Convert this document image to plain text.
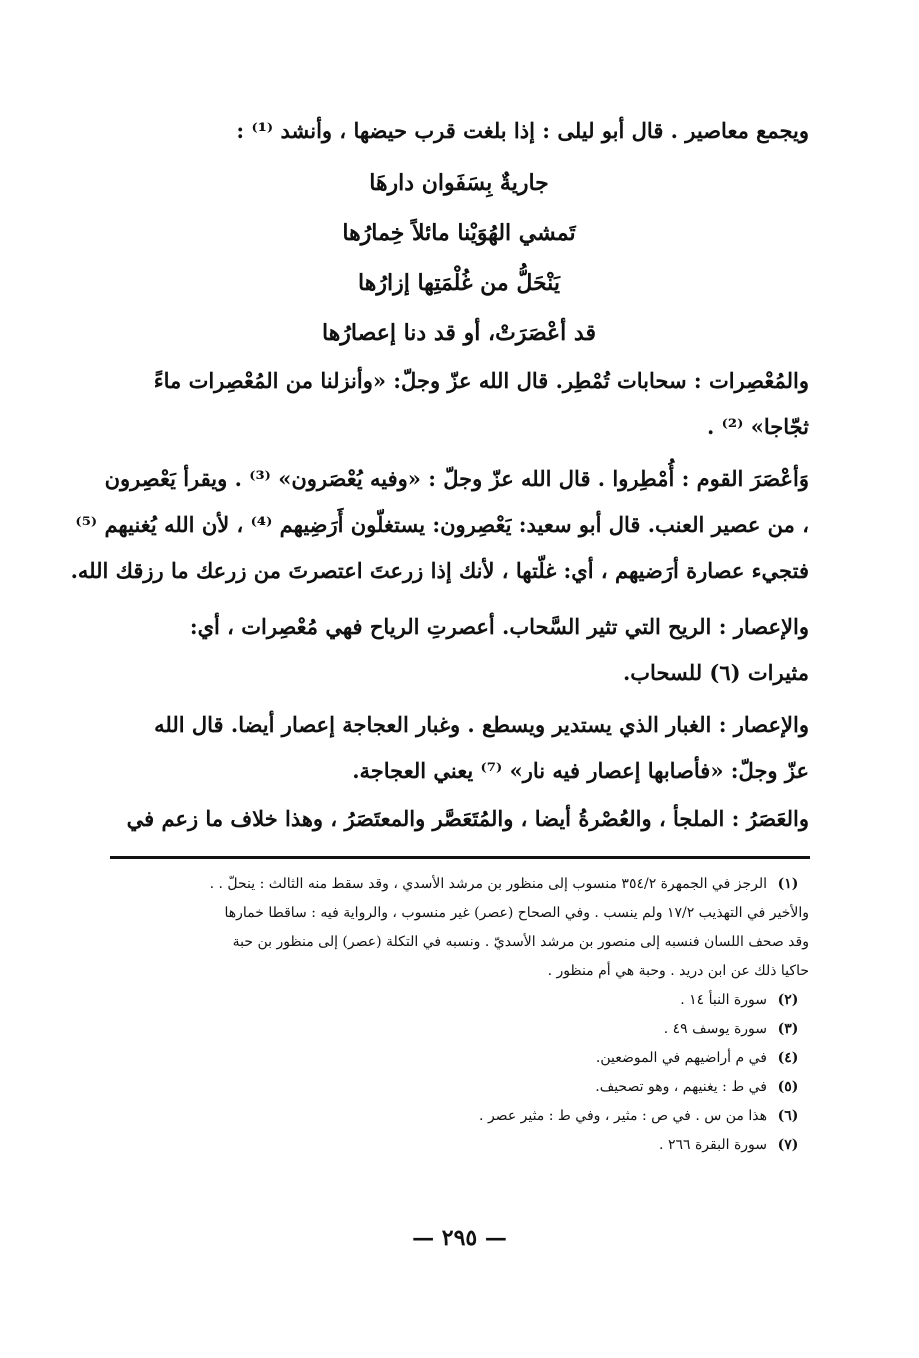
ويجمع معاصير . قال أبو ليلى : إذا بلغت قرب حيضها ، وأنشد ⁽¹⁾ :
جاريةٌ بِسَفَوان دارهَا
تَمشي الهُوَيْنا مائلاً خِمارُها
يَنْحَلُّ من غُلْمَتِها إزارُها
قد أعْصَرَتْ، أو قد دنا إعصارُها
والمُعْصِرات : سحابات تُمْطِر. قال الله عزّ وجلّ: «وأنزلنا من المُعْصِرات ماءً
ثجّاجا» ⁽²⁾ .
وَأعْصَرَ القوم : أُمْطِروا . قال الله عزّ وجلّ : «وفيه يُعْصَرون» ⁽³⁾ . ويقرأ يَعْصِرون
، من عصير العنب. قال أبو سعيد: يَعْصِرون: يستغلّون أَرَضِيهم ⁽⁴⁾ ، لأن الله يُغنيهم ⁽⁵⁾
فتجيء عصارة أرَضيهم ، أي: غلّتها ، لأنك إذا زرعتَ اعتصرتَ من زرعك ما رزقك الله.
والإعصار : الريح التي تثير السَّحاب. أعصرتِ الرياح فهي مُعْصِرات ، أي:
مثيرات (٦) للسحاب.
والإعصار : الغبار الذي يستدير ويسطع . وغبار العجاجة إعصار أيضا. قال الله
عزّ وجلّ: «فأصابها إعصار فيه نار» ⁽⁷⁾ يعني العجاجة.
والعَصَرُ : الملجأ ، والعُصْرةُ أيضا ، والمُتَعَصَّر والمعتَصَرُ ، وهذا خلاف ما زعم في
(١)
الرجز في الجمهرة ٣٥٤/٢ منسوب إلى منظور بن مرشد الأسدي ، وقد سقط منه الثالث : ينحلّ . .
والأخير في التهذيب ١٧/٢ ولم ينسب . وفي الصحاح (عصر) غير منسوب ، والرواية فيه : ساقطا خمارها
وقد صحف اللسان فنسبه إلى منصور بن مرشد الأسديّ . ونسبه في التكلة (عصر) إلى منظور بن حبة
حاكيا ذلك عن ابن دريد . وحبة هي أم منظور .
(٢)
سورة النبأ ١٤ .
(٣)
سورة يوسف ٤٩ .
(٤)
في م أراضيهم في الموضعين.
(٥)
في ط : يغنيهم ، وهو تصحيف.
(٦)
هذا من س . في ص : مثير ، وفي ط : مثير عصر .
(٧)
سورة البقرة ٢٦٦ .
— ٢٩٥ —
